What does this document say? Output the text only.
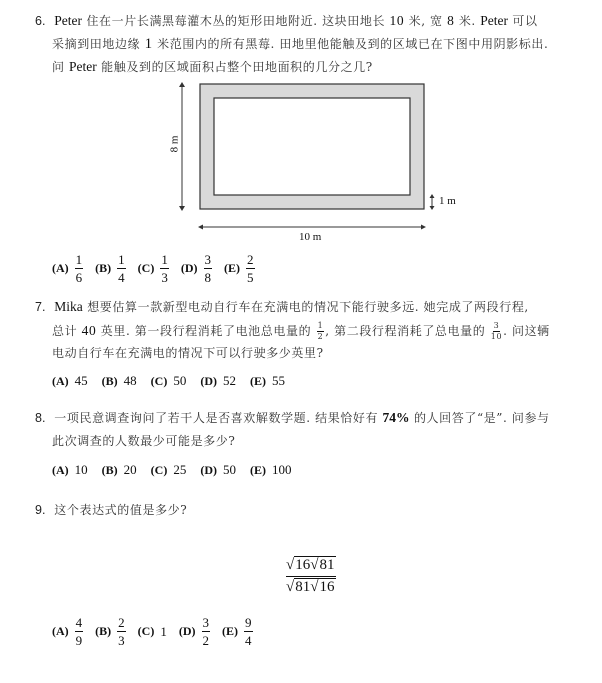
6. Peter 住在一片长满黑莓灌木丛的矩形田地附近. 这块田地长 10 米, 宽 8 米. Peter 可以
采摘到田地边缘 1 米范围内的所有黑莓. 田地里他能触及到的区域已在下图中用阴影标出.
问 Peter 能触及到的区域面积占整个田地面积的几分之几?
8 m
1 m
10 m
$(A) \frac{1}{6} (B) \frac{1}{4} (C) \frac{1}{3} (D) \frac{3}{8} (E) \frac{2}{5}$
7. Mika 想要估算一款新型电动自行车在充满电的情况下能行驶多远. 她完成了两段行程,
总计 40 英里. 第一段行程消耗了电池总电量的 $\frac{1}{2}$ , 第二段行程消耗了总电量的 $\frac{3}{10}$ . 问这辆
电动自行车在充满电的情况下可以行驶多少英里?
(A) 45 (B) 48 (C) 50 (D) 52 (E) 55
8. 一项民意调查询问了若干人是否喜欢解数学题. 结果恰好有 74% 的人回答了“是”. 问参与
此次调查的人数最少可能是多少?
(A) 10 (B) 20 (C) 25 (D) 50 (E) 100
9. 这个表达式的值是多少?
√16√81
√81√16
$(A) \frac{4}{9} (B) \frac{2}{3} (C)$ 1 $(D) \frac{3}{2} (E) \frac{9}{4}$
